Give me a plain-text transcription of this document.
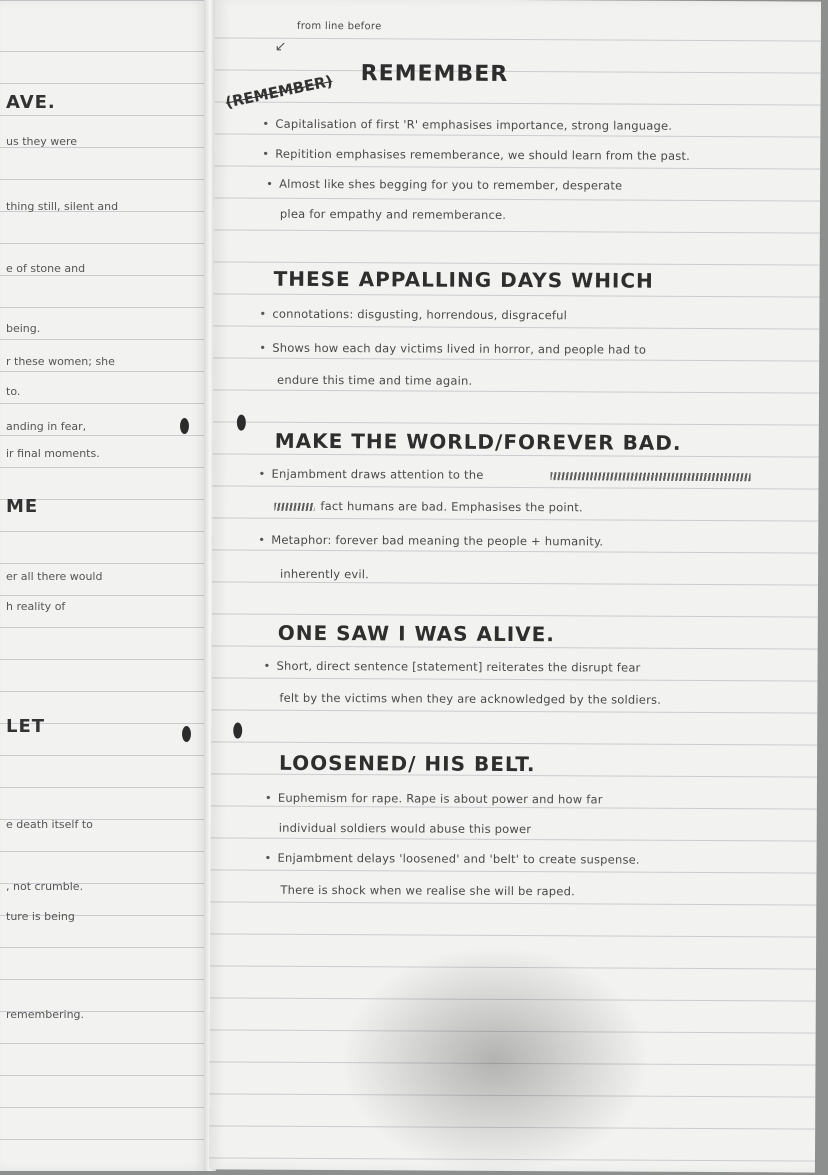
AVE.
us they were
thing still, silent and
e of stone and
being.
r these women; she
to.
anding in fear,
ir final moments.
ME
er all there would
h reality of
LET
e death itself to
, not crumble.
ture is being
remembering.
from line before
↙
(REMEMBER) REMEMBER
• Capitalisation of first 'R' emphasises importance, strong language.
• Repitition emphasises rememberance, we should learn from the past.
• Almost like shes begging for you to remember, desperate
plea for empathy and rememberance.
THESE APPALLING DAYS WHICH
• connotations: disgusting, horrendous, disgraceful
• Shows how each day victims lived in horror, and people had to
endure this time and time again.
MAKE THE WORLD/FOREVER BAD.
• Enjambment draws attention to the
fact humans are bad. Emphasises the point.
• Metaphor: forever bad meaning the people + humanity.
inherently evil.
ONE SAW I WAS ALIVE.
• Short, direct sentence [statement] reiterates the disrupt fear
felt by the victims when they are acknowledged by the soldiers.
LOOSENED/ HIS BELT.
• Euphemism for rape. Rape is about power and how far
individual soldiers would abuse this power
• Enjambment delays 'loosened' and 'belt' to create suspense.
There is shock when we realise she will be raped.
